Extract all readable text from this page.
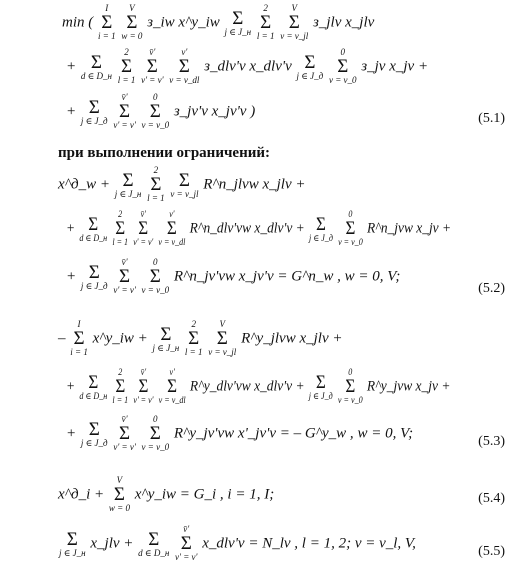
min (
I
Σ
i = 1

V
Σ
w = 0
з_iw x^y_iw Σ
j ∈ J_н

2
Σ
l = 1

V
Σ
v = v_jl
з_jlv x_jlv
+ Σ
d ∈ D_н

2
Σ
l = 1

v̄'
Σ
v' = v'

v'
Σ
v = v_dl
з_dlv'v x_dlv'v Σ
j ∈ J_д

0
Σ
v = v_0
з_jv x_jv +
+ Σ
j ∈ J_д

v̄'
Σ
v' = v'

0
Σ
v = v_0
з_jv'v x_jv'v )	(5.1)
при выполнении ограничений:
x^д_w + Σ
j ∈ J_н

2
Σ
l = 1

Σ
v = v_jl
R^п_jlvw x_jlv +
+ Σ
d ∈ D_н

2
Σ
l = 1

v̄'
Σ
v' = v'

v'
Σ
v = v_dl
R^п_dlv'vw x_dlv'v + Σ
j ∈ J_д

0
Σ
v = v_0
R^п_jvw x_jv +
+ Σ
j ∈ J_д

v̄'
Σ
v' = v'

0
Σ
v = v_0
R^п_jv'vw x_jv'v = G^п_w , w = 0, V;
(5.2)
–
I
Σ
i = 1
x^y_iw + Σ
j ∈ J_н

2
Σ
l = 1

V
Σ
v = v_jl
R^y_jlvw x_jlv +
+ Σ
d ∈ D_н

2
Σ
l = 1

v̄'
Σ
v' = v'

v'
Σ
v = v_dl
R^y_dlv'vw x_dlv'v + Σ
j ∈ J_д

0
Σ
v = v_0
R^y_jvw x_jv +
+ Σ
j ∈ J_д

v̄'
Σ
v' = v'

0
Σ
v = v_0
R^y_jv'vw x'_jv'v = – G^y_w , w = 0, V;
(5.3)
x^д_i +
V
Σ
w = 0
x^y_iw = G_i , i = 1, I;	(5.4)
Σ
j ∈ J_н
x_jlv + Σ
d ∈ D_н

v̄'
Σ
v' = v'
x_dlv'v = N_lv , l = 1, 2; v = v_l, V,
(5.5)
